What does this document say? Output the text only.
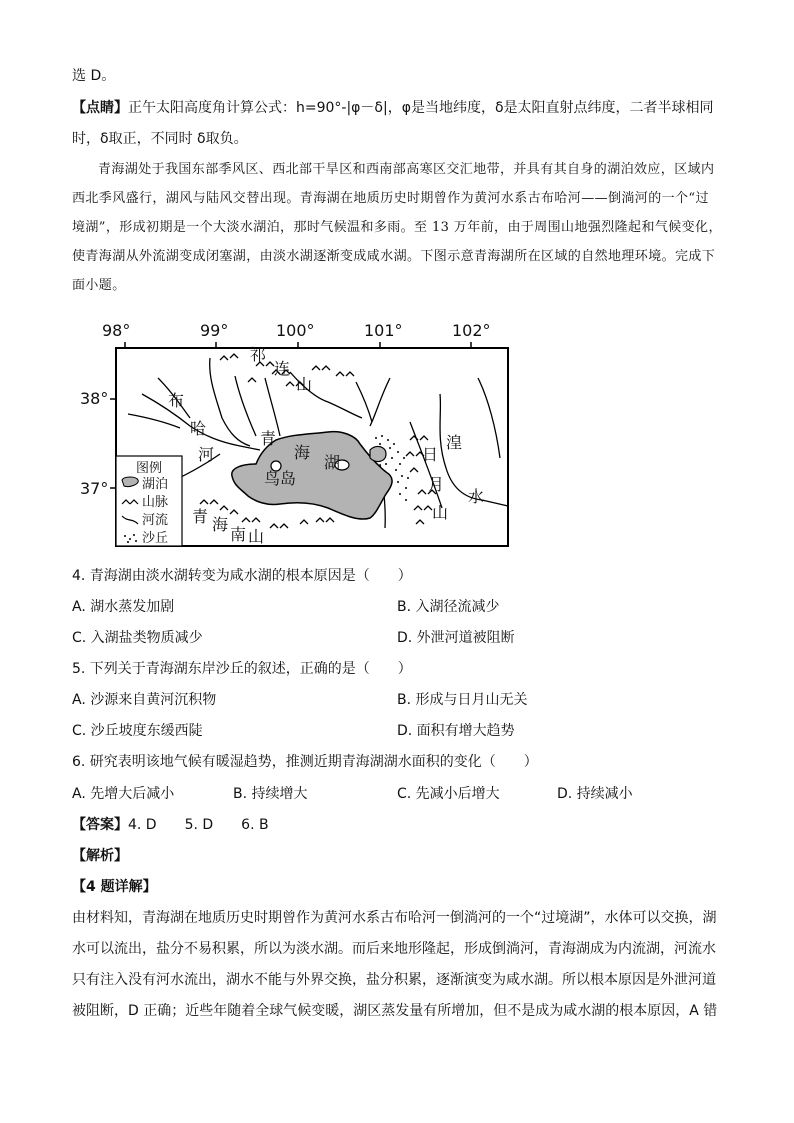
选 D。
【点睛】正午太阳高度角计算公式：h=90°-|φ－δ|，φ是当地纬度，δ是太阳直射点纬度，二者半球相同
时，δ取正，不同时 δ取负。

青海湖处于我国东部季风区、西北部干旱区和西南部高寒区交汇地带，并具有其自身的湖泊效应，区域内西北季风盛行，湖风与陆风交替出现。青海湖在地质历史时期曾作为黄河水系古布哈河——倒淌河的一个“过境湖”，形成初期是一个大淡水湖泊，那时气候温和多雨。至 13 万年前，由于周围山地强烈隆起和气候变化，使青海湖从外流湖变成闭塞湖，由淡水湖逐渐变成咸水湖。下图示意青海湖所在区域的自然地理环境。完成下面小题。

98°	99°	100°	101°	102°
38°
37°
祁
连
山
布
哈
河
青
海
湖
鸟岛
日
月
山
湟
水
青 海
南 山
图例
湖泊
山脉
河流
沙丘
4. 青海湖由淡水湖转变为咸水湖的根本原因是（　　）
A. 湖水蒸发加剧	B. 入湖径流减少
C. 入湖盐类物质减少	D. 外泄河道被阻断
5. 下列关于青海湖东岸沙丘的叙述，正确的是（　　）
A. 沙源来自黄河沉积物	B. 形成与日月山无关
C. 沙丘坡度东缓西陡	D. 面积有增大趋势
6. 研究表明该地气候有暖湿趋势，推测近期青海湖湖水面积的变化（　　）
A. 先增大后减小	B. 持续增大	C. 先减小后增大	D. 持续减小
【答案】4. D　　5. D　　6. B
【解析】
【4 题详解】

由材料知，青海湖在地质历史时期曾作为黄河水系古布哈河一倒淌河的一个“过境湖”，水体可以交换，湖水可以流出，盐分不易积累，所以为淡水湖。而后来地形隆起，形成倒淌河，青海湖成为内流湖，河流水只有注入没有河水流出，湖水不能与外界交换，盐分积累，逐渐演变为咸水湖。所以根本原因是外泄河道被阻断，D 正确；近些年随着全球气候变暖，湖区蒸发量有所增加，但不是成为咸水湖的根本原因，A 错
